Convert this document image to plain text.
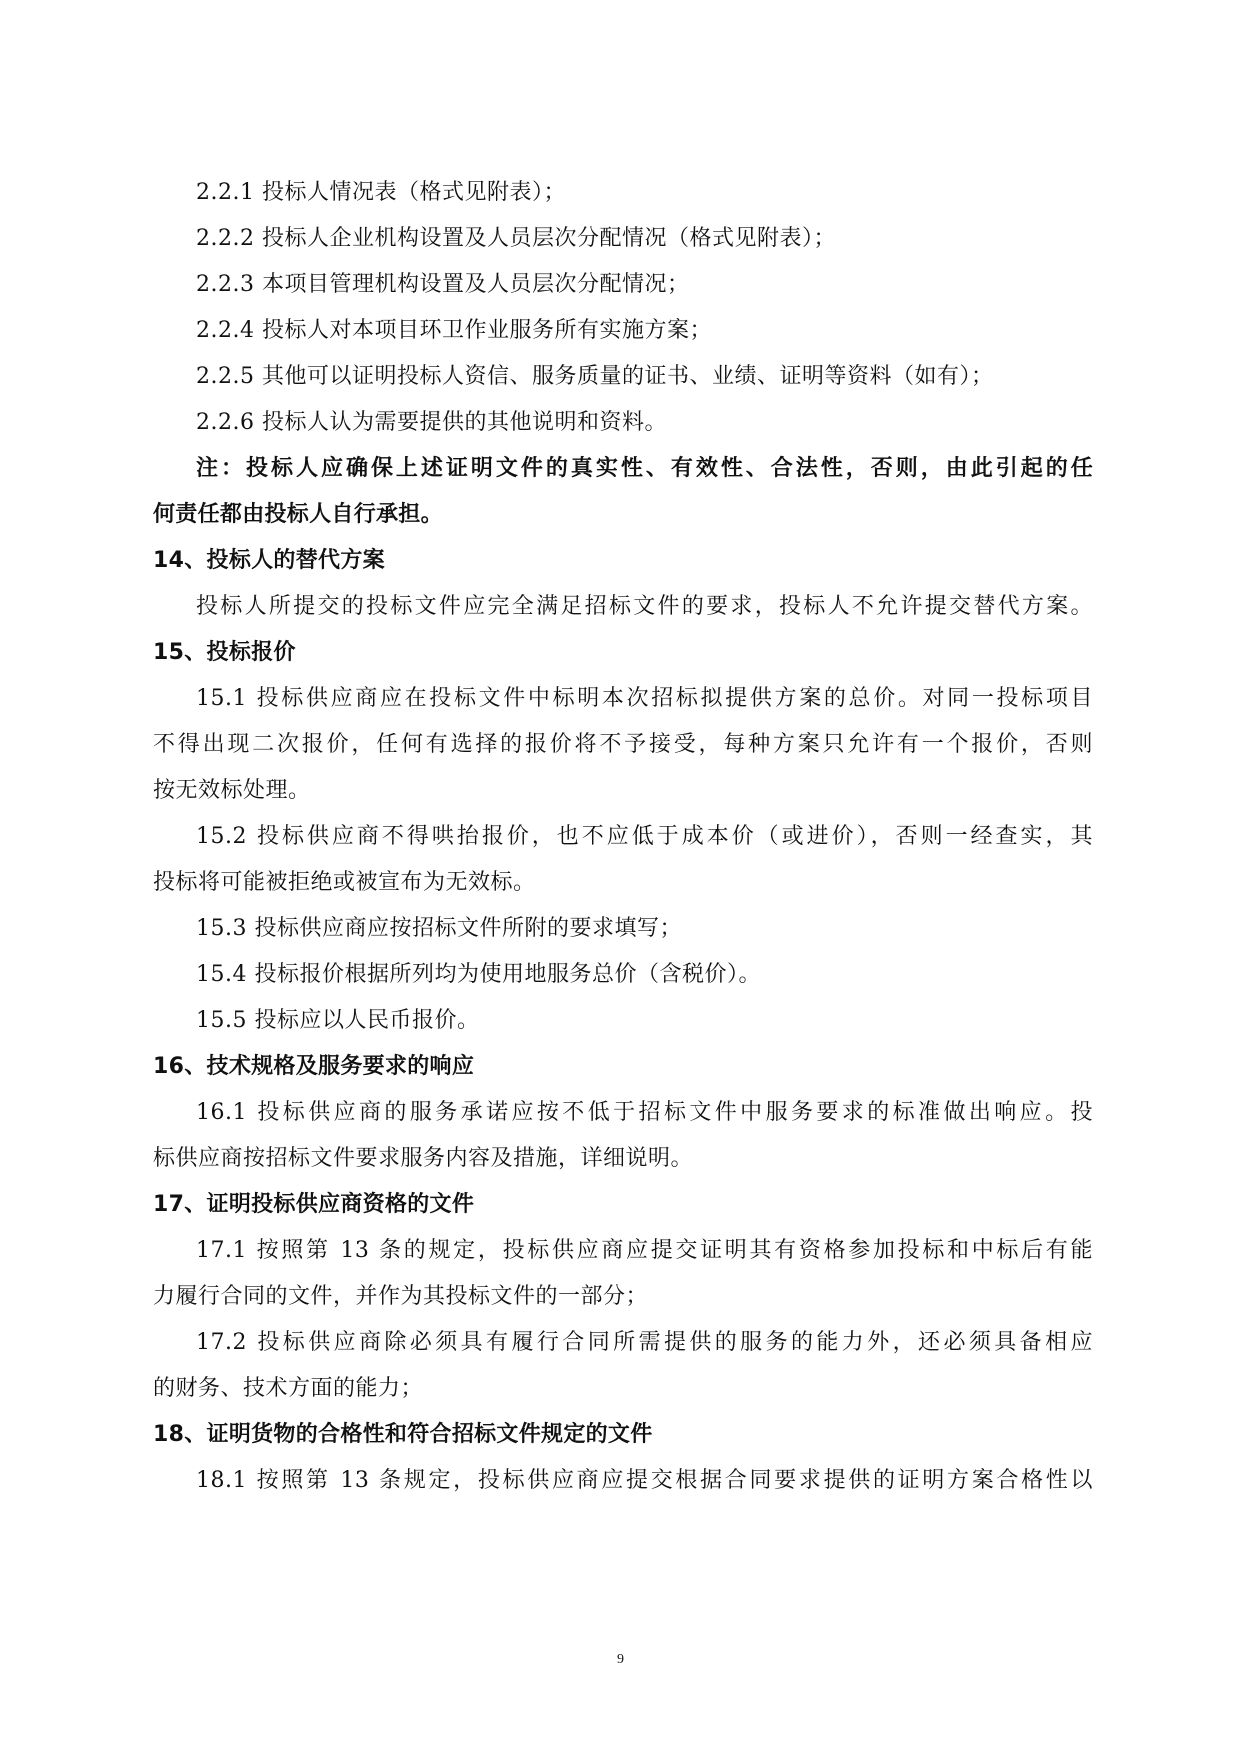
2.2.1 投标人情况表（格式见附表）；
2.2.2 投标人企业机构设置及人员层次分配情况（格式见附表）；
2.2.3 本项目管理机构设置及人员层次分配情况；
2.2.4 投标人对本项目环卫作业服务所有实施方案；
2.2.5 其他可以证明投标人资信、服务质量的证书、业绩、证明等资料（如有）；
2.2.6 投标人认为需要提供的其他说明和资料。
注：投标人应确保上述证明文件的真实性、有效性、合法性，否则，由此引起的任
何责任都由投标人自行承担。
14、投标人的替代方案
投标人所提交的投标文件应完全满足招标文件的要求，投标人不允许提交替代方案。
15、投标报价
15.1 投标供应商应在投标文件中标明本次招标拟提供方案的总价。对同一投标项目
不得出现二次报价，任何有选择的报价将不予接受，每种方案只允许有一个报价，否则
按无效标处理。
15.2 投标供应商不得哄抬报价，也不应低于成本价（或进价），否则一经查实，其
投标将可能被拒绝或被宣布为无效标。
15.3 投标供应商应按招标文件所附的要求填写；
15.4 投标报价根据所列均为使用地服务总价（含税价）。
15.5 投标应以人民币报价。
16、技术规格及服务要求的响应
16.1 投标供应商的服务承诺应按不低于招标文件中服务要求的标准做出响应。投
标供应商按招标文件要求服务内容及措施，详细说明。
17、证明投标供应商资格的文件
17.1 按照第 13 条的规定，投标供应商应提交证明其有资格参加投标和中标后有能
力履行合同的文件，并作为其投标文件的一部分；
17.2 投标供应商除必须具有履行合同所需提供的服务的能力外，还必须具备相应
的财务、技术方面的能力；
18、证明货物的合格性和符合招标文件规定的文件
18.1 按照第 13 条规定，投标供应商应提交根据合同要求提供的证明方案合格性以
9
